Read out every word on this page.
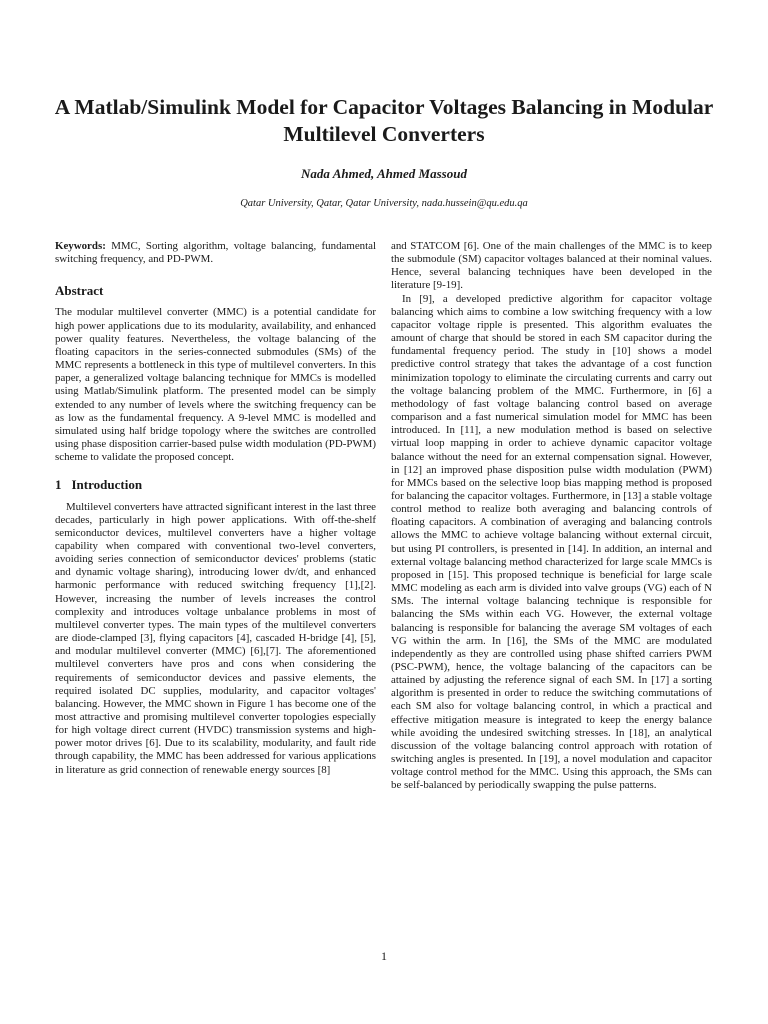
A Matlab/Simulink Model for Capacitor Voltages Balancing in Modular Multilevel Converters
Nada Ahmed, Ahmed Massoud
Qatar University, Qatar, Qatar University, nada.hussein@qu.edu.qa

Keywords: MMC, Sorting algorithm, voltage balancing, fundamental switching frequency, and PD-PWM.

Abstract

The modular multilevel converter (MMC) is a potential candidate for high power applications due to its modularity, availability, and enhanced power quality features. Nevertheless, the voltage balancing of the floating capacitors in the series-connected submodules (SMs) of the MMC represents a bottleneck in this type of multilevel converters. In this paper, a generalized voltage balancing technique for MMCs is modelled using Matlab/Simulink platform. The presented model can be simply extended to any number of levels where the switching frequency can be as low as the fundamental frequency. A 9-level MMC is modelled and simulated using half bridge topology where the switches are controlled using phase disposition carrier-based pulse width modulation (PD-PWM) scheme to validate the proposed concept.

1 Introduction

Multilevel converters have attracted significant interest in the last three decades, particularly in high power applications. With off-the-shelf semiconductor devices, multilevel converters have a higher voltage capability when compared with conventional two-level converters, avoiding series connection of semiconductor devices' problems (static and dynamic voltage sharing), introducing lower dv/dt, and enhanced harmonic performance with reduced switching frequency [1],[2]. However, increasing the number of levels increases the control complexity and introduces voltage unbalance problems in most of multilevel converter types. The main types of the multilevel converters are diode-clamped [3], flying capacitors [4], cascaded H-bridge [4], [5], and modular multilevel converter (MMC) [6],[7]. The aforementioned multilevel converters have pros and cons when considering the requirements of semiconductor devices and passive elements, the required isolated DC supplies, modularity, and capacitor voltages' balancing. However, the MMC shown in Figure 1 has become one of the most attractive and promising multilevel converter topologies especially for high voltage direct current (HVDC) transmission systems and high-power motor drives [6]. Due to its scalability, modularity, and fault ride through capability, the MMC has been addressed for various applications in literature as grid connection of renewable energy sources [8]

and STATCOM [6]. One of the main challenges of the MMC is to keep the submodule (SM) capacitor voltages balanced at their nominal values. Hence, several balancing techniques have been developed in the literature [9-19].

In [9], a developed predictive algorithm for capacitor voltage balancing which aims to combine a low switching frequency with a low capacitor voltage ripple is presented. This algorithm evaluates the amount of charge that should be stored in each SM capacitor during the fundamental frequency period. The study in [10] shows a model predictive control strategy that takes the advantage of a cost function minimization topology to eliminate the circulating currents and carry out the voltage balancing problem of the MMC. Furthermore, in [6] a methodology of fast voltage balancing control based on average comparison and a fast numerical simulation model for MMC has been introduced. In [11], a new modulation method is based on selective virtual loop mapping in order to achieve dynamic capacitor voltage balance without the need for an external compensation signal. However, in [12] an improved phase disposition pulse width modulation (PWM) for MMCs based on the selective loop bias mapping method is proposed for balancing the capacitor voltages. Furthermore, in [13] a stable voltage control method to realize both averaging and balancing controls of floating capacitors. A combination of averaging and balancing controls allows the MMC to achieve voltage balancing without external circuit, but using PI controllers, is presented in [14]. In addition, an internal and external voltage balancing method characterized for large scale MMCs is proposed in [15]. This proposed technique is beneficial for large scale MMC modeling as each arm is divided into valve groups (VG) each of N SMs. The internal voltage balancing technique is responsible for balancing the SMs within each VG. However, the external voltage balancing is responsible for balancing the average SM voltages of each VG within the arm. In [16], the SMs of the MMC are modulated independently as they are controlled using phase shifted carriers PWM (PSC-PWM), hence, the voltage balancing of the capacitors can be attained by adjusting the reference signal of each SM. In [17] a sorting algorithm is presented in order to reduce the switching commutations of each SM also for voltage balancing control, in which a practical and effective mitigation measure is integrated to keep the energy balance while avoiding the undesired switching stresses. In [18], an analytical discussion of the voltage balancing control approach with rotation of switching angles is presented. In [19], a novel modulation and capacitor voltage control method for the MMC. Using this approach, the SMs can be self-balanced by periodically swapping the pulse patterns.

1
